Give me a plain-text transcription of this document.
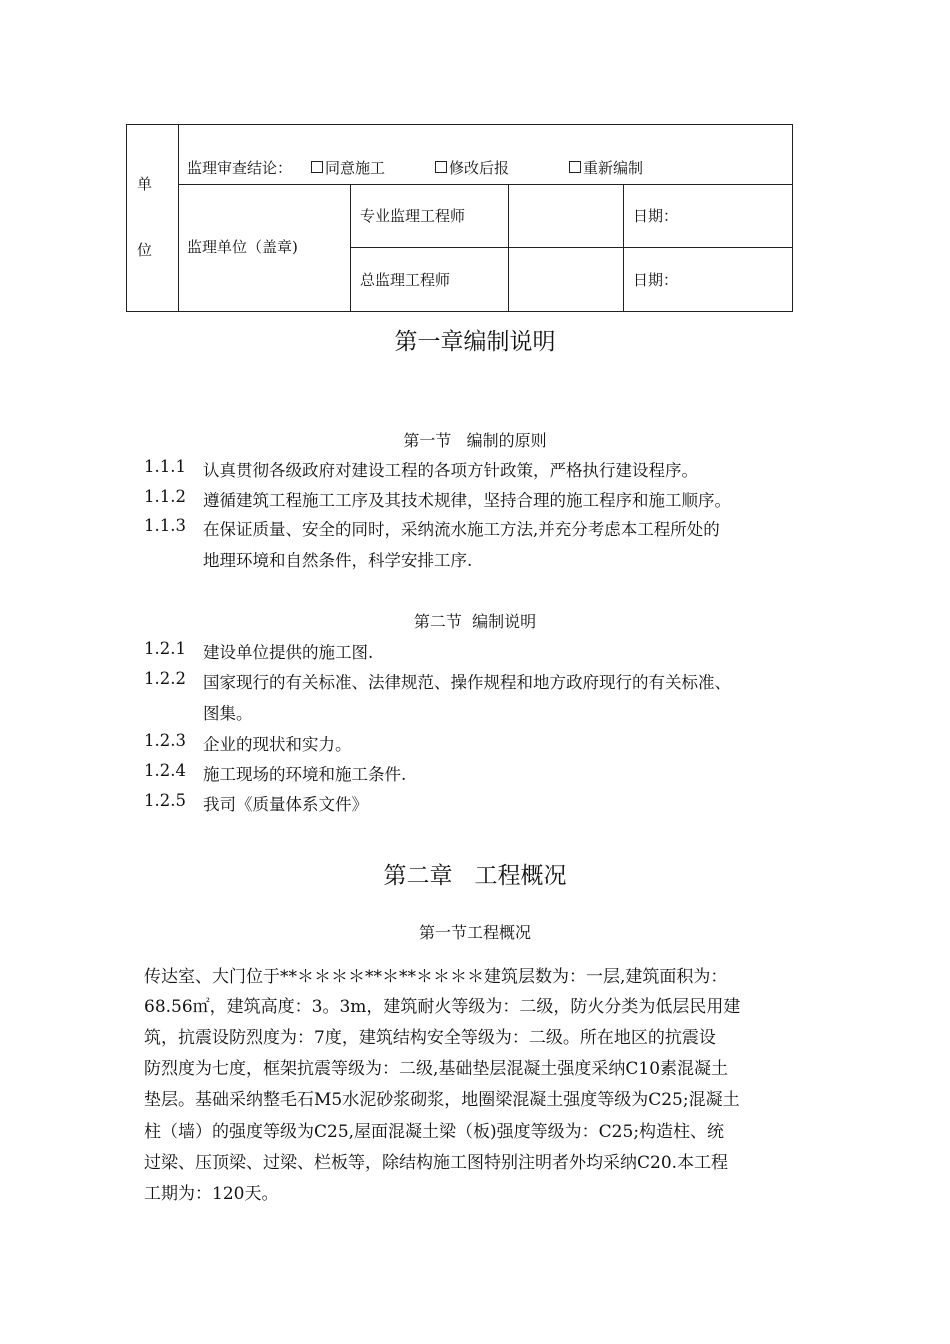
单
位
监理审查结论：	同意施工	修改后报	重新编制
监理单位（盖章)
专业监理工程师	日期：
总监理工程师	日期：
第一章编制说明
第一节   编制的原则
1.1.1 认真贯彻各级政府对建设工程的各项方针政策，严格执行建设程序。
1.1.2 遵循建筑工程施工工序及其技术规律，坚持合理的施工程序和施工顺序。
1.1.3 在保证质量、安全的同时，采纳流水施工方法,并充分考虑本工程所处的
地理环境和自然条件，科学安排工序.
第二节  编制说明
1.2.1 建设单位提供的施工图.
1.2.2 国家现行的有关标准、法律规范、操作规程和地方政府现行的有关标准、
图集。
1.2.3 企业的现状和实力。
1.2.4 施工现场的环境和施工条件.
1.2.5 我司《质量体系文件》
第二章   工程概况
第一节工程概况
传达室、大门位于**＊＊＊＊**＊**＊＊＊＊建筑层数为：一层,建筑面积为：
68.56㎡，建筑高度：3。3m，建筑耐火等级为：二级，防火分类为低层民用建
筑，抗震设防烈度为：7度，建筑结构安全等级为：二级。所在地区的抗震设
防烈度为七度，框架抗震等级为：二级,基础垫层混凝土强度采纳C10素混凝土
垫层。基础采纳整毛石M5水泥砂浆砌浆，地圈梁混凝土强度等级为C25;混凝土
柱（墙）的强度等级为C25,屋面混凝土梁（板)强度等级为：C25;构造柱、统
过梁、压顶梁、过梁、栏板等，除结构施工图特别注明者外均采纳C20.本工程
工期为：120天。
